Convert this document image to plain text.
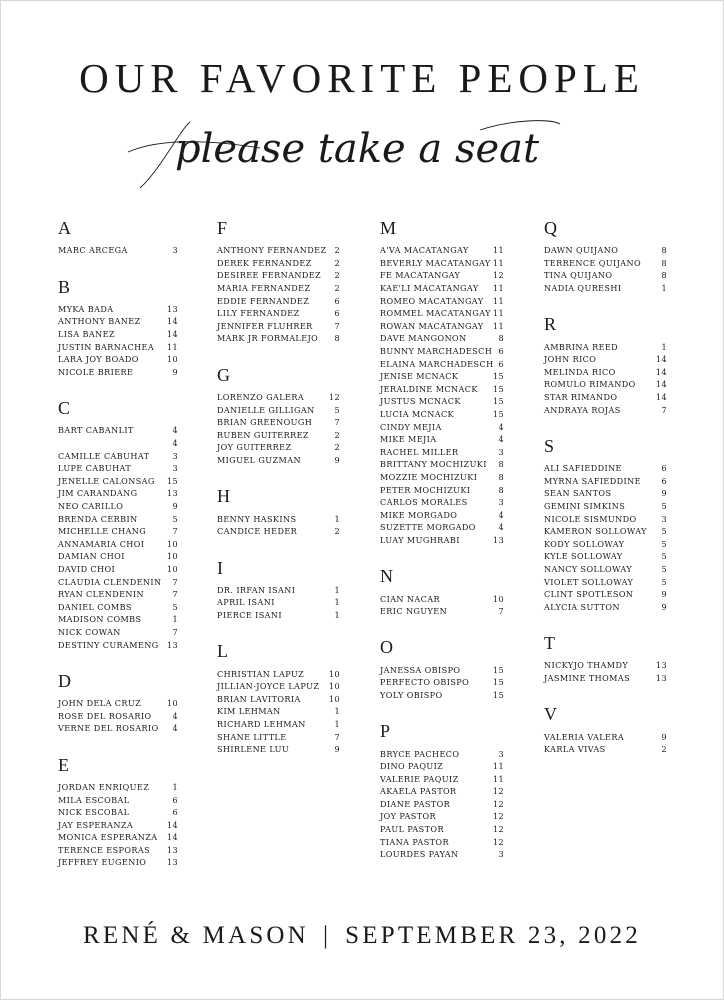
OUR FAVORITE PEOPLE
please take a seat
A
MARC ARCEGA	3
B
MYKA BADA	13
ANTHONY BANEZ	14
LISA BANEZ	14
JUSTIN BARNACHEA 11
LARA JOY BOADO	10
NICOLE BRIERE	9
C
BART CABANLIT	4
4
CAMILLE CABUHAT	3
LUPE CABUHAT	3
JENELLE CALONSAG 15
JIM CARANDANG	13
NEO CARILLO	9
BRENDA CERBIN	5
MICHELLE CHANG	7
ANNAMARIA CHOI	10
DAMIAN CHOI	10
DAVID CHOI	10
CLAUDIA CLENDENIN 7
RYAN CLENDENIN	7
DANIEL COMBS	5
MADISON COMBS	1
NICK COWAN	7
DESTINY CURAMENG 13
D
JOHN DELA CRUZ	10
ROSE DEL ROSARIO	4
VERNE DEL ROSARIO 4
E
JORDAN ENRIQUEZ	1
MILA ESCOBAL	6
NICK ESCOBAL	6
JAY ESPERANZA	14
MONICA ESPERANZA 14
TERENCE ESPORAS 13
JEFFREY EUGENIO	13
F
ANTHONY FERNANDEZ 2
DEREK FERNANDEZ	2
DESIREE FERNANDEZ 2
MARIA FERNANDEZ	2
EDDIE FERNANDEZ	6
LILY FERNANDEZ	6
JENNIFER FLUHRER	7
MARK JR FORMALEJO 8
G
LORENZO GALERA	12
DANIELLE GILLIGAN 5
BRIAN GREENOUGH	7
RUBEN GUITERREZ	2
JOY GUITERREZ	2
MIGUEL GUZMAN	9
H
BENNY HASKINS	1
CANDICE HEDER	2
I
DR. IRFAN ISANI	1
APRIL ISANI	1
PIERCE ISANI	1
L
CHRISTIAN LAPUZ	10
JILLIAN-JOYCE LAPUZ 10
BRIAN LAVITORIA	10
KIM LEHMAN	1
RICHARD LEHMAN	1
SHANE LITTLE	7
SHIRLENE LUU	9
M
A'VA MACATANGAY	11
BEVERLY MACATANGAY 11
FE MACATANGAY	12
KAE'LI MACATANGAY 11
ROMEO MACATANGAY 11
ROMMEL MACATANGAY 11
ROWAN MACATANGAY 11
DAVE MANGONON	8
BUNNY MARCHADESCH 6
ELAINA MARCHADESCH 6
JENISE MCNACK	15
JERALDINE MCNACK 15
JUSTUS MCNACK	15
LUCIA MCNACK	15
CINDY MEJIA	4
MIKE MEJIA	4
RACHEL MILLER	3
BRITTANY MOCHIZUKI 8
MOZZIE MOCHIZUKI	8
PETER MOCHIZUKI	8
CARLOS MORALES	3
MIKE MORGADO	4
SUZETTE MORGADO	4
LUAY MUGHRABI	13
N
CIAN NACAR	10
ERIC NGUYEN	7
O
JANESSA OBISPO	15
PERFECTO OBISPO	15
YOLY OBISPO	15
P
BRYCE PACHECO	3
DINO PAQUIZ	11
VALERIE PAQUIZ	11
AKAELA PASTOR	12
DIANE PASTOR	12
JOY PASTOR	12
PAUL PASTOR	12
TIANA PASTOR	12
LOURDES PAYAN	3
Q
DAWN QUIJANO	8
TERRENCE QUIJANO	8
TINA QUIJANO	8
NADIA QURESHI	1
R
AMBRINA REED	1
JOHN RICO	14
MELINDA RICO	14
ROMULO RIMANDO 14
STAR RIMANDO	14
ANDRAYA ROJAS	7
S
ALI SAFIEDDINE	6
MYRNA SAFIEDDINE	6
SEAN SANTOS	9
GEMINI SIMKINS	5
NICOLE SISMUNDO	3
KAMERON SOLLOWAY 5
KODY SOLLOWAY	5
KYLE SOLLOWAY	5
NANCY SOLLOWAY	5
VIOLET SOLLOWAY	5
CLINT SPOTLESON	9
ALYCIA SUTTON	9
T
NICKYJO THAMDY	13
JASMINE THOMAS	13
V
VALERIA VALERA	9
KARLA VIVAS	2
RENÉ & MASON | SEPTEMBER 23, 2022
